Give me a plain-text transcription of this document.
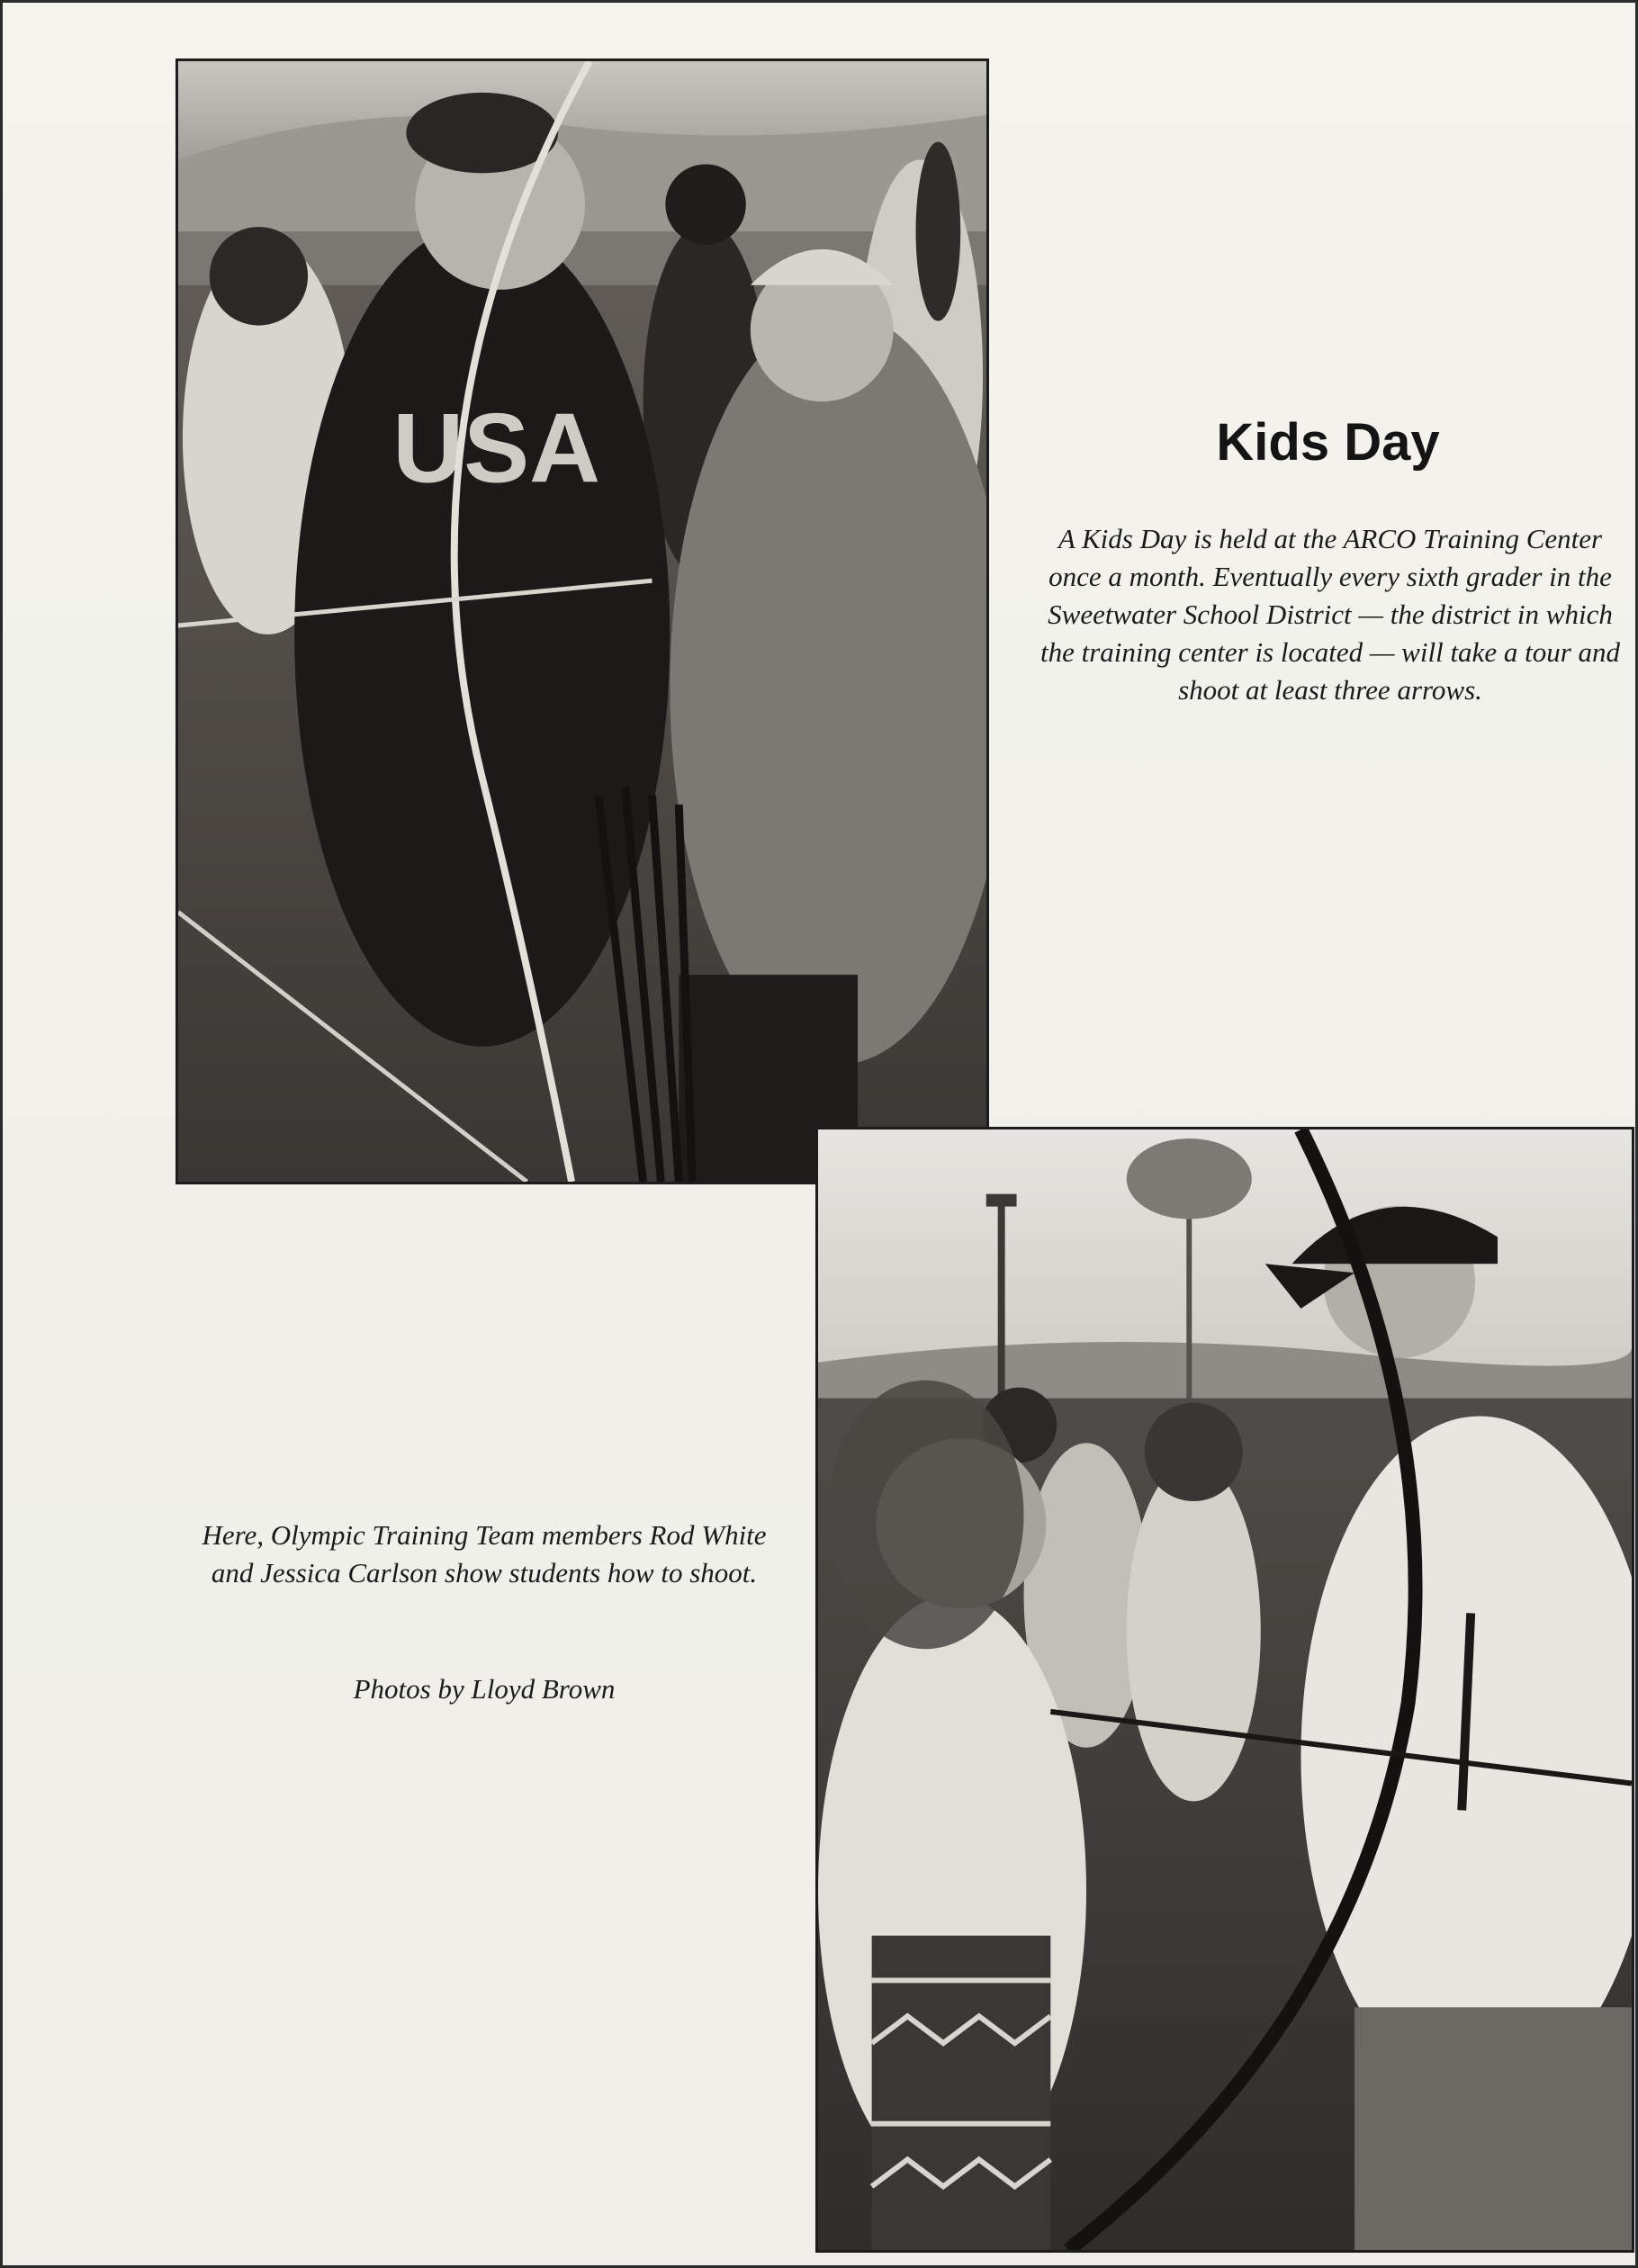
USA	Kids Day

A Kids Day is held at the ARCO Training Center once a month. Eventually every sixth grader in the Sweetwater School District — the district in which the training center is located — will take a tour and shoot at least three arrows.

Here, Olympic Training Team members Rod White and Jessica Carlson show students how to shoot.

Photos by Lloyd Brown
